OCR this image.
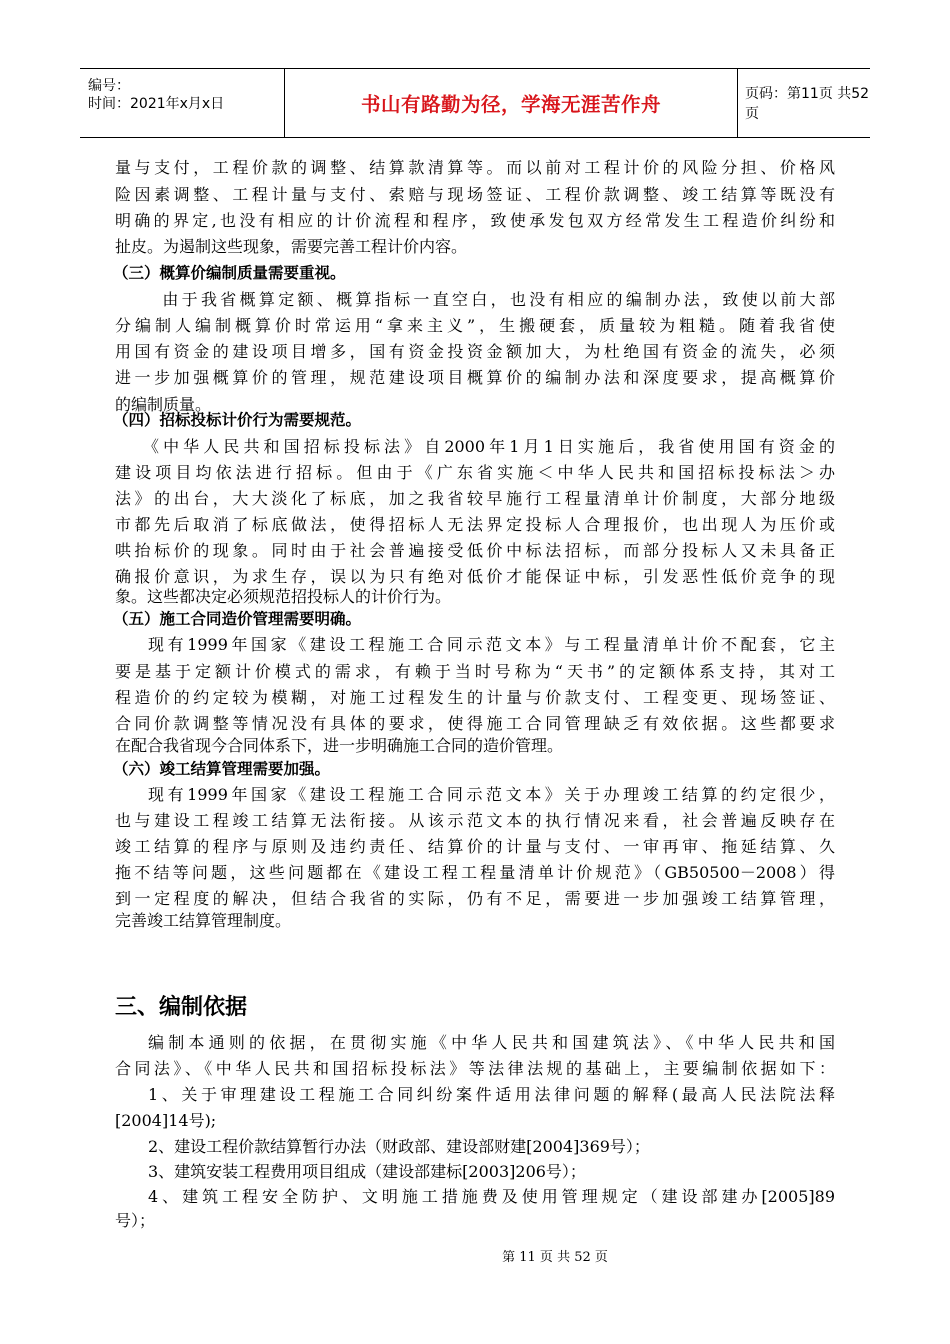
编号：
时间：2021年x月x日	书山有路勤为径，学海无涯苦作舟	页码：第11页 共52页
量与支付，工程价款的调整、结算款清算等。而以前对工程计价的风险分担、价格风
险因素调整、工程计量与支付、索赔与现场签证、工程价款调整、竣工结算等既没有
明确的界定,也没有相应的计价流程和程序，致使承发包双方经常发生工程造价纠纷和
扯皮。为遏制这些现象，需要完善工程计价内容。
（三）概算价编制质量需要重视。
　由于我省概算定额、概算指标一直空白，也没有相应的编制办法，致使以前大部
分编制人编制概算价时常运用“拿来主义”，生搬硬套，质量较为粗糙。随着我省使
用国有资金的建设项目增多，国有资金投资金额加大，为杜绝国有资金的流失，必须
进一步加强概算价的管理，规范建设项目概算价的编制办法和深度要求，提高概算价
的编制质量。
（四）招标投标计价行为需要规范。
《中华人民共和国招标投标法》自2000年1月1日实施后，我省使用国有资金的
建设项目均依法进行招标。但由于《广东省实施＜中华人民共和国招标投标法＞办
法》的出台，大大淡化了标底，加之我省较早施行工程量清单计价制度，大部分地级
市都先后取消了标底做法，使得招标人无法界定投标人合理报价，也出现人为压价或
哄抬标价的现象。同时由于社会普遍接受低价中标法招标，而部分投标人又未具备正
确报价意识，为求生存，误以为只有绝对低价才能保证中标，引发恶性低价竞争的现
象。这些都决定必须规范招投标人的计价行为。
（五）施工合同造价管理需要明确。
现有1999年国家《建设工程施工合同示范文本》与工程量清单计价不配套，它主
要是基于定额计价模式的需求，有赖于当时号称为“天书”的定额体系支持，其对工
程造价的约定较为模糊，对施工过程发生的计量与价款支付、工程变更、现场签证、
合同价款调整等情况没有具体的要求，使得施工合同管理缺乏有效依据。这些都要求
在配合我省现今合同体系下，进一步明确施工合同的造价管理。
（六）竣工结算管理需要加强。
现有1999年国家《建设工程施工合同示范文本》关于办理竣工结算的约定很少，
也与建设工程竣工结算无法衔接。从该示范文本的执行情况来看，社会普遍反映存在
竣工结算的程序与原则及违约责任、结算价的计量与支付、一审再审、拖延结算、久
拖不结等问题，这些问题都在《建设工程工程量清单计价规范》（GB50500－2008）得
到一定程度的解决，但结合我省的实际，仍有不足，需要进一步加强竣工结算管理，
完善竣工结算管理制度。
三、编制依据
编制本通则的依据，在贯彻实施《中华人民共和国建筑法》、《中华人民共和国
合同法》、《中华人民共和国招标投标法》等法律法规的基础上，主要编制依据如下：
1、关于审理建设工程施工合同纠纷案件适用法律问题的解释(最高人民法院法释
[2004]14号);
2、建设工程价款结算暂行办法（财政部、建设部财建[2004]369号）；
3、建筑安装工程费用项目组成（建设部建标[2003]206号）；
4、建筑工程安全防护、文明施工措施费及使用管理规定（建设部建办[2005]89
号）；
第 11 页 共 52 页
